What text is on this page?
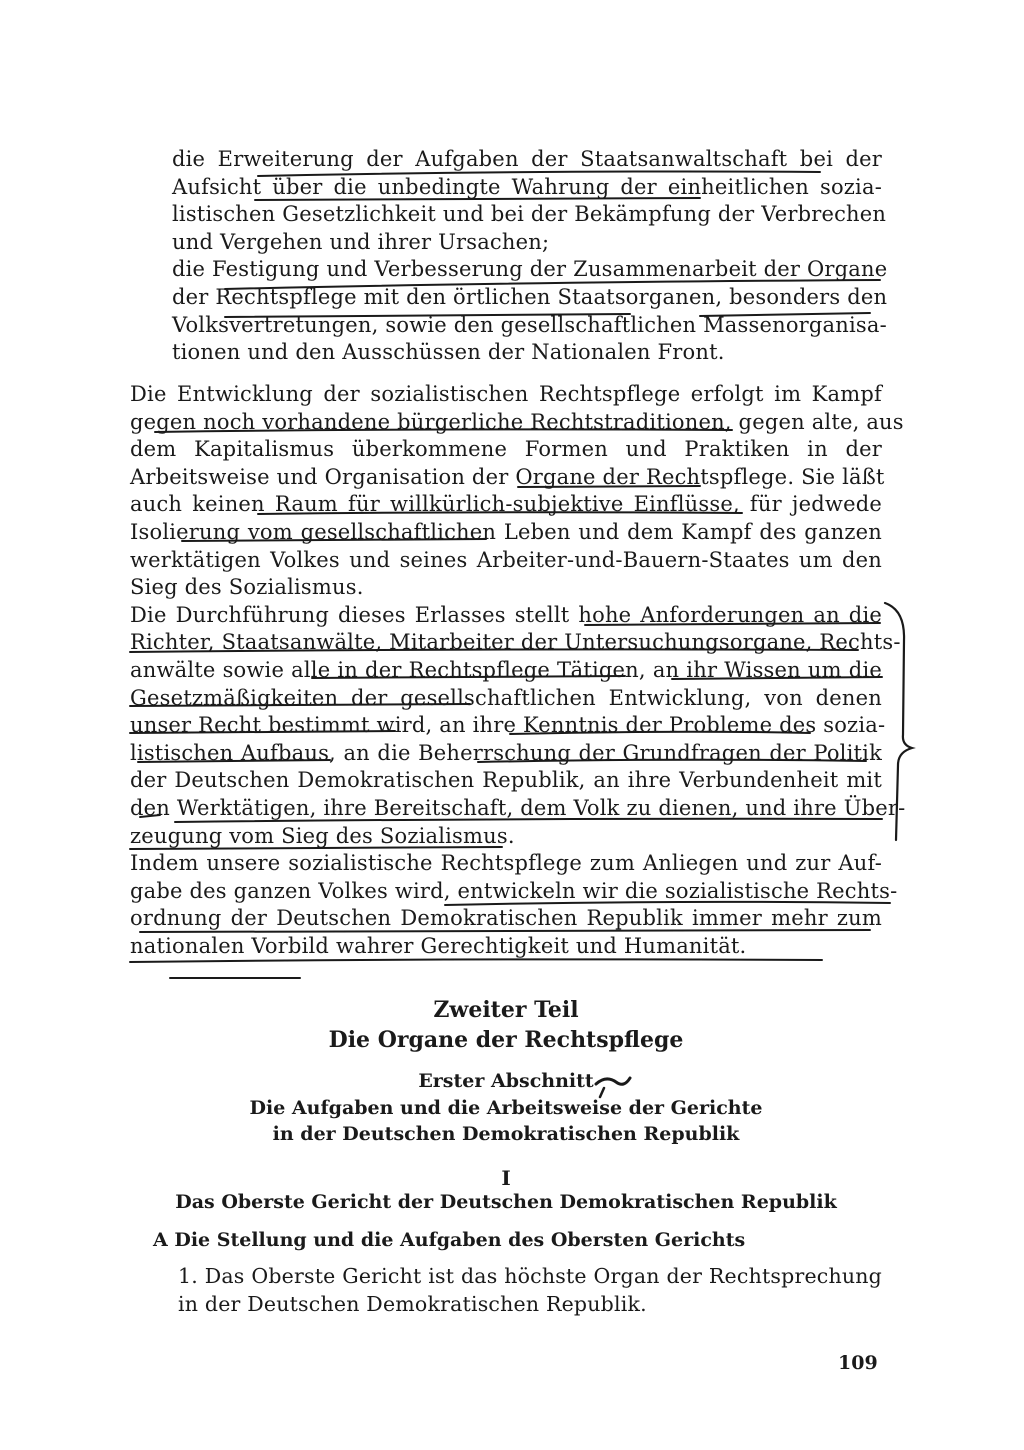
die Erweiterung der Aufgaben der Staatsanwaltschaft bei der
Aufsicht über die unbedingte Wahrung der einheitlichen sozia-
listischen Gesetzlichkeit und bei der Bekämpfung der Verbrechen
und Vergehen und ihrer Ursachen;
die Festigung und Verbesserung der Zusammenarbeit der Organe
der Rechtspflege mit den örtlichen Staatsorganen, besonders den
Volksvertretungen, sowie den gesellschaftlichen Massenorganisa-
tionen und den Ausschüssen der Nationalen Front.
Die Entwicklung der sozialistischen Rechtspflege erfolgt im Kampf
gegen noch vorhandene bürgerliche Rechtstraditionen, gegen alte, aus
dem Kapitalismus überkommene Formen und Praktiken in der
Arbeitsweise und Organisation der Organe der Rechtspflege. Sie läßt
auch keinen Raum für willkürlich-subjektive Einflüsse, für jedwede
Isolierung vom gesellschaftlichen Leben und dem Kampf des ganzen
werktätigen Volkes und seines Arbeiter-und-Bauern-Staates um den
Sieg des Sozialismus.
Die Durchführung dieses Erlasses stellt hohe Anforderungen an die
Richter, Staatsanwälte, Mitarbeiter der Untersuchungsorgane, Rechts-
anwälte sowie alle in der Rechtspflege Tätigen, an ihr Wissen um die
Gesetzmäßigkeiten der gesellschaftlichen Entwicklung, von denen
unser Recht bestimmt wird, an ihre Kenntnis der Probleme des sozia-
listischen Aufbaus, an die Beherrschung der Grundfragen der Politik
der Deutschen Demokratischen Republik, an ihre Verbundenheit mit
den Werktätigen, ihre Bereitschaft, dem Volk zu dienen, und ihre Über-
zeugung vom Sieg des Sozialismus.
Indem unsere sozialistische Rechtspflege zum Anliegen und zur Auf-
gabe des ganzen Volkes wird, entwickeln wir die sozialistische Rechts-
ordnung der Deutschen Demokratischen Republik immer mehr zum
nationalen Vorbild wahrer Gerechtigkeit und Humanität.
Zweiter Teil
Die Organe der Rechtspflege
Erster Abschnitt
Die Aufgaben und die Arbeitsweise der Gerichte
in der Deutschen Demokratischen Republik
I
Das Oberste Gericht der Deutschen Demokratischen Republik
A Die Stellung und die Aufgaben des Obersten Gerichts
1. Das Oberste Gericht ist das höchste Organ der Rechtsprechung
in der Deutschen Demokratischen Republik.
109
